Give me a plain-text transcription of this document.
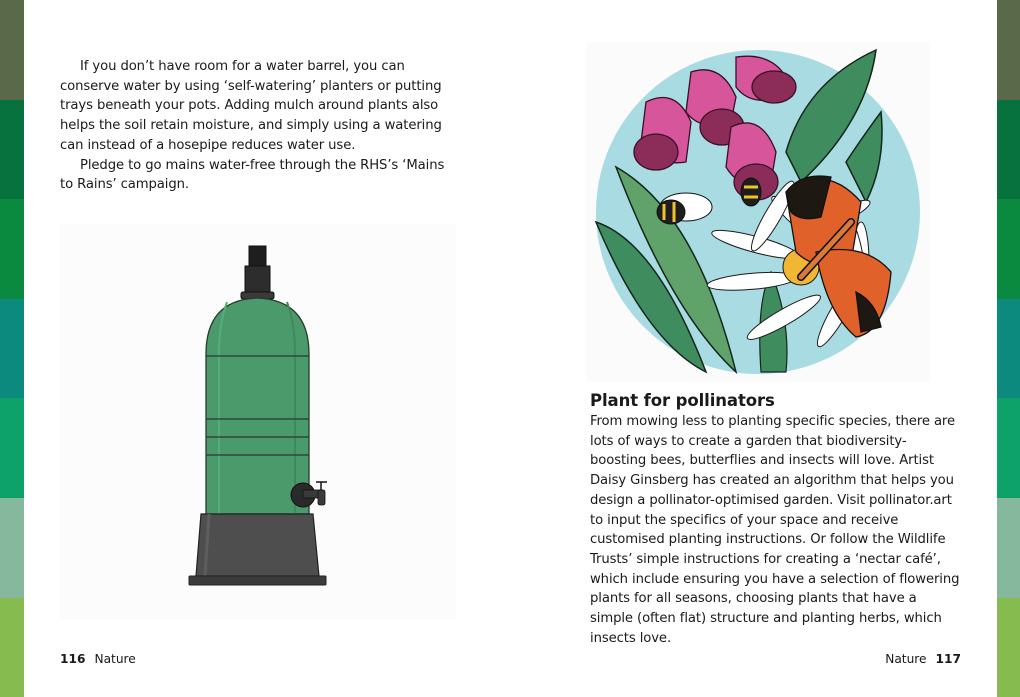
If you don’t have room for a water barrel, you can conserve water by using ‘self-watering’ planters or putting trays beneath your pots. Adding mulch around plants also helps the soil retain moisture, and simply using a watering can instead of a hosepipe reduces water use.

Pledge to go mains water-free through the RHS’s ‘Mains to Rains’ campaign.

116 Nature
Plant for pollinators

From mowing less to planting specific species, there are lots of ways to create a garden that biodiversity-boosting bees, butterflies and insects will love. Artist Daisy Ginsberg has created an algorithm that helps you design a pollinator-optimised garden. Visit pollinator.art to input the specifics of your space and receive customised planting instructions. Or follow the Wildlife Trusts’ simple instructions for creating a ‘nectar café’, which include ensuring you have a selection of flowering plants for all seasons, choosing plants that have a simple (often flat) structure and planting herbs, which insects love.

Nature 117
